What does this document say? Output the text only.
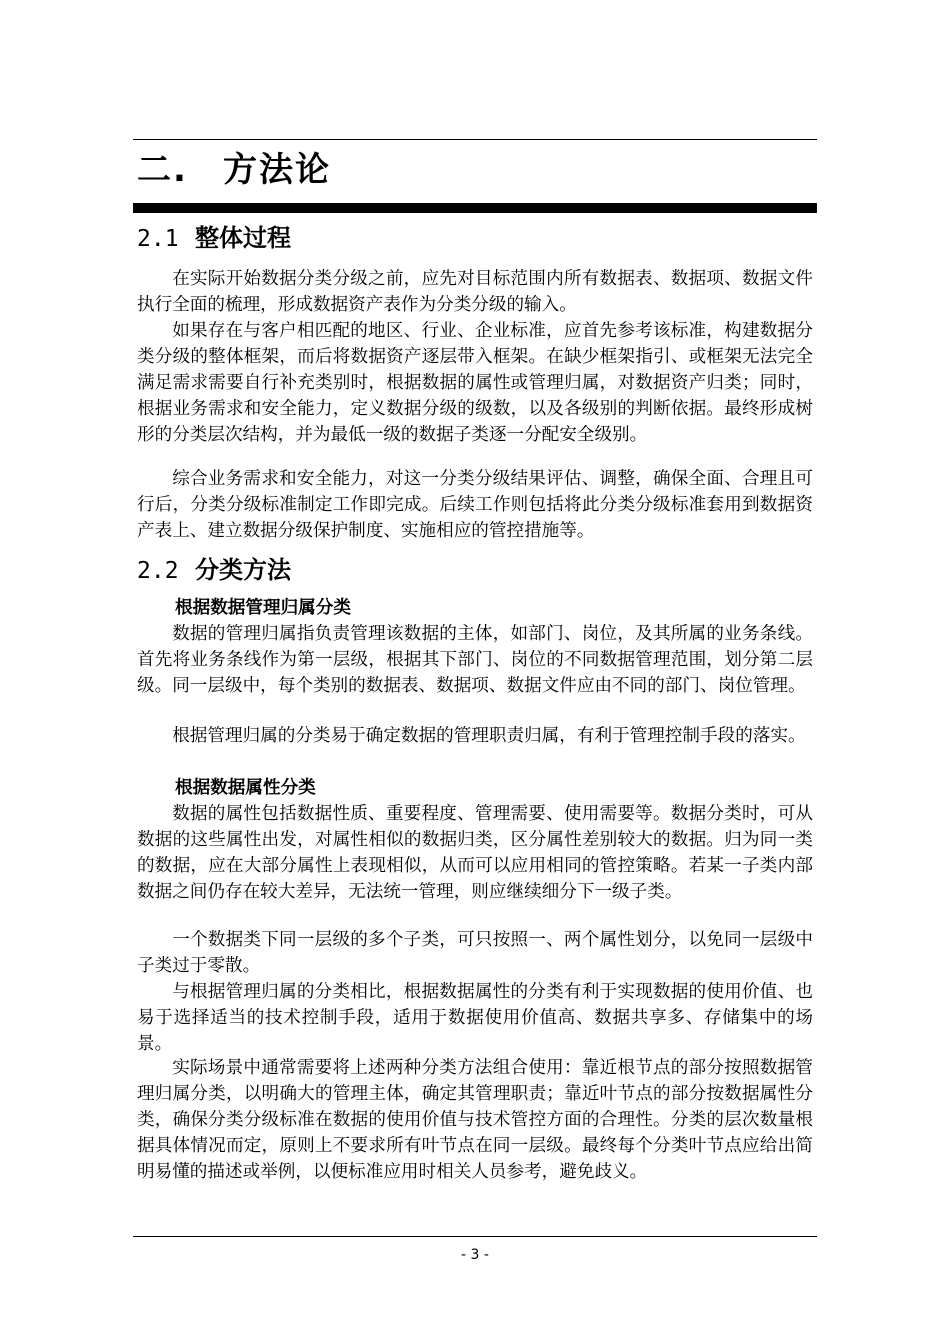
二. 方法论
2.1 整体过程

在实际开始数据分类分级之前，应先对目标范围内所有数据表、数据项、数据文件执行全面的梳理，形成数据资产表作为分类分级的输入。

如果存在与客户相匹配的地区、行业、企业标准，应首先参考该标准，构建数据分类分级的整体框架，而后将数据资产逐层带入框架。在缺少框架指引、或框架无法完全满足需求需要自行补充类别时，根据数据的属性或管理归属，对数据资产归类；同时，根据业务需求和安全能力，定义数据分级的级数，以及各级别的判断依据。最终形成树形的分类层次结构，并为最低一级的数据子类逐一分配安全级别。

综合业务需求和安全能力，对这一分类分级结果评估、调整，确保全面、合理且可行后，分类分级标准制定工作即完成。后续工作则包括将此分类分级标准套用到数据资产表上、建立数据分级保护制度、实施相应的管控措施等。

2.2 分类方法

根据数据管理归属分类

数据的管理归属指负责管理该数据的主体，如部门、岗位，及其所属的业务条线。首先将业务条线作为第一层级，根据其下部门、岗位的不同数据管理范围，划分第二层级。同一层级中，每个类别的数据表、数据项、数据文件应由不同的部门、岗位管理。

根据管理归属的分类易于确定数据的管理职责归属，有利于管理控制手段的落实。

根据数据属性分类

数据的属性包括数据性质、重要程度、管理需要、使用需要等。数据分类时，可从数据的这些属性出发，对属性相似的数据归类，区分属性差别较大的数据。归为同一类的数据，应在大部分属性上表现相似，从而可以应用相同的管控策略。若某一子类内部数据之间仍存在较大差异，无法统一管理，则应继续细分下一级子类。

一个数据类下同一层级的多个子类，可只按照一、两个属性划分，以免同一层级中子类过于零散。

与根据管理归属的分类相比，根据数据属性的分类有利于实现数据的使用价值、也易于选择适当的技术控制手段，适用于数据使用价值高、数据共享多、存储集中的场景。

实际场景中通常需要将上述两种分类方法组合使用：靠近根节点的部分按照数据管理归属分类，以明确大的管理主体，确定其管理职责；靠近叶节点的部分按数据属性分类，确保分类分级标准在数据的使用价值与技术管控方面的合理性。分类的层次数量根据具体情况而定，原则上不要求所有叶节点在同一层级。最终每个分类叶节点应给出简明易懂的描述或举例，以便标准应用时相关人员参考，避免歧义。

- 3 -
